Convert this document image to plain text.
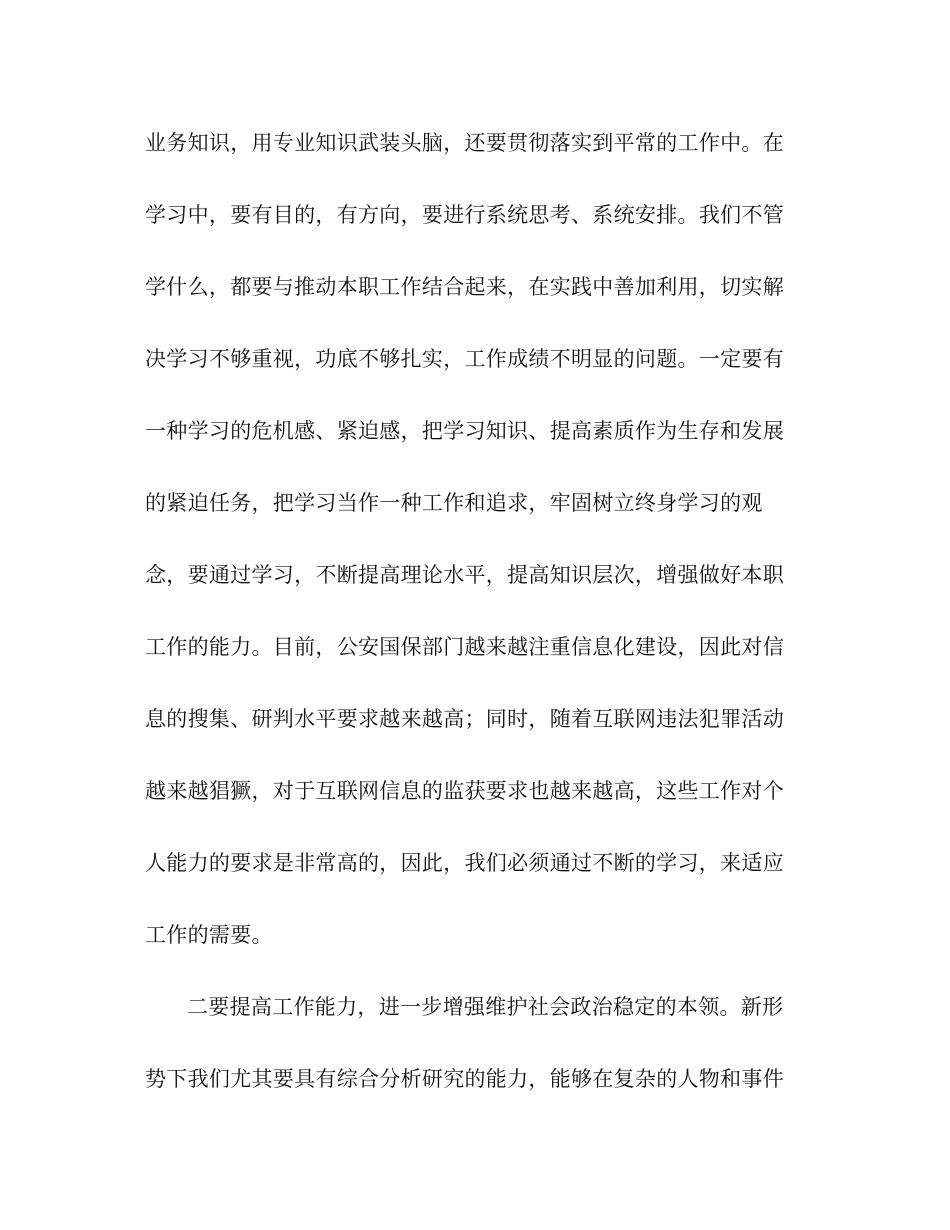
业务知识，用专业知识武装头脑，还要贯彻落实到平常的工作中。在

学习中，要有目的，有方向，要进行系统思考、系统安排。我们不管

学什么，都要与推动本职工作结合起来，在实践中善加利用，切实解

决学习不够重视，功底不够扎实，工作成绩不明显的问题。一定要有

一种学习的危机感、紧迫感，把学习知识、提高素质作为生存和发展

的紧迫任务，把学习当作一种工作和追求，牢固树立终身学习的观

念，要通过学习，不断提高理论水平，提高知识层次，增强做好本职

工作的能力。目前，公安国保部门越来越注重信息化建设，因此对信

息的搜集、研判水平要求越来越高；同时，随着互联网违法犯罪活动

越来越猖獗，对于互联网信息的监获要求也越来越高，这些工作对个

人能力的要求是非常高的，因此，我们必须通过不断的学习，来适应

工作的需要。

二要提高工作能力，进一步增强维护社会政治稳定的本领。新形

势下我们尤其要具有综合分析研究的能力，能够在复杂的人物和事件
